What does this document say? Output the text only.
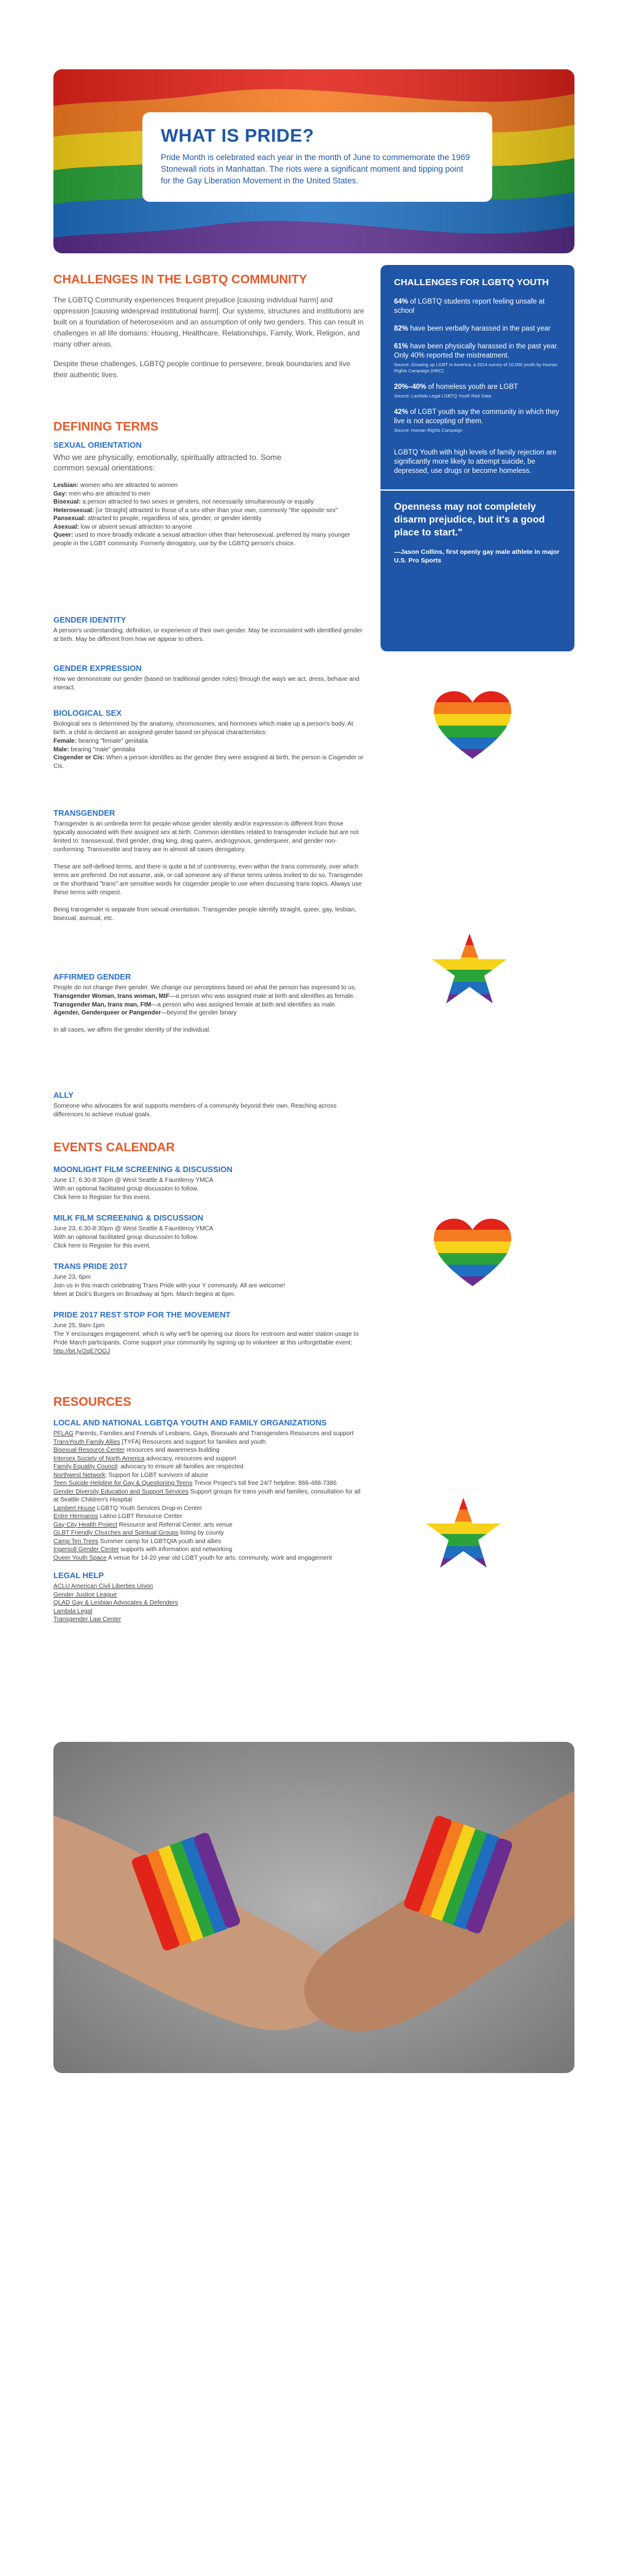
WHAT IS PRIDE?

Pride Month is celebrated each year in the month of June to commemorate the 1969 Stonewall riots in Manhattan. The riots were a significant moment and tipping point for the Gay Liberation Movement in the United States.

CHALLENGES IN THE LGBTQ COMMUNITY

The LGBTQ Community experiences frequent prejudice [causing individual harm] and oppression [causing widespread institutional harm]. Our systems, structures and institutions are built on a foundation of heterosexism and an assumption of only two genders. This can result in challenges in all life domains: Housing, Healthcare, Relationships, Family, Work, Religion, and many other areas.

Despite these challenges, LGBTQ people continue to persevere, break boundaries and live their authentic lives.

DEFINING TERMS
SEXUAL ORIENTATION
Who we are physically, emotionally, spiritually attracted to. Some common sexual orientations:
Lesbian: women who are attracted to women
Gay: men who are attracted to men
Bisexual: a person attracted to two sexes or genders, not necessarily simultaneously or equally
Heterosexual: [or Straight] attracted to those of a sex other than your own, commonly "the opposite sex"
Pansexual: attracted to people, regardless of sex, gender, or gender identity
Asexual: low or absent sexual attraction to anyone
Queer: used to more broadly indicate a sexual attraction other than heterosexual, preferred by many younger people in the LGBT community. Formerly derogatory, use by the LGBTQ person's choice.
GENDER IDENTITY

A person's understanding, definition, or experience of their own gender. May be inconsistent with identified gender at birth. May be different from how we appear to others.

GENDER EXPRESSION

How we demonstrate our gender (based on traditional gender roles) through the ways we act, dress, behave and interact.

BIOLOGICAL SEX

Biological sex is determined by the anatomy, chromosomes, and hormones which make up a person's body. At birth, a child is declared an assigned gender based on physical characteristics:

Female: bearing "female" genitalia
Male: bearing "male" genitalia
Cisgender or Cis: When a person identifies as the gender they were assigned at birth, the person is Cisgender or Cis.
TRANSGENDER

Transgender is an umbrella term for people whose gender identity and/or expression is different from those typically associated with their assigned sex at birth. Common identities related to transgender include but are not limited to: transsexual, third gender, drag king, drag queen, androgynous, genderqueer, and gender non-conforming. Transvestite and tranny are in almost all cases derogatory.

These are self-defined terms, and there is quite a bit of controversy, even within the trans community, over which terms are preferred. Do not assume, ask, or call someone any of these terms unless invited to do so. Transgender or the shorthand "trans" are sensitive words for cisgender people to use when discussing trans topics. Always use these terms with respect.

Being transgender is separate from sexual orientation. Transgender people identify straight, queer, gay, lesbian, bisexual, asexual, etc.

AFFIRMED GENDER

People do not change their gender. We change our perceptions based on what the person has expressed to us.

Transgender Woman, trans woman, MtF—a person who was assigned male at birth and identifies as female.
Transgender Man, trans man, FtM—a person who was assigned female at birth and identifies as male.
Agender, Genderqueer or Pangender—beyond the gender binary

In all cases, we affirm the gender identity of the individual.

ALLY

Someone who advocates for and supports members of a community beyond their own. Reaching across differences to achieve mutual goals.

EVENTS CALENDAR
MOONLIGHT FILM SCREENING & DISCUSSION

June 17, 6:30-8:30pm @ West Seattle & Fauntleroy YMCA

With an optional facilitated group discussion to follow.

Click here to Register for this event.

MILK FILM SCREENING & DISCUSSION

June 23, 6:30-8:30pm @ West Seattle & Fauntleroy YMCA

With an optional facilitated group discussion to follow.

Click here to Register for this event.

TRANS PRIDE 2017

June 23, 6pm

Join us in this march celebrating Trans Pride with your Y community. All are welcome!

Meet at Dick's Burgers on Broadway at 5pm. March begins at 6pm.

PRIDE 2017 REST STOP FOR THE MOVEMENT

June 25, 9am-1pm

The Y encourages engagement, which is why we'll be opening our doors for restroom and water station usage to Pride March participants. Come support your community by signing up to volunteer at this unforgettable event:

http://bit.ly/2qE7OGJ

RESOURCES
LOCAL AND NATIONAL LGBTQA YOUTH AND FAMILY ORGANIZATIONS
PFLAG Parents, Families and Friends of Lesbians, Gays, Bisexuals and Transgenders Resources and support
TransYouth Family Allies [TYFA] Resources and support for families and youth
Bisexual Resource Center resources and awareness building
Intersex Society of North America advocacy, resources and support
Family Equality Council: advocacy to ensure all families are respected
Northwest Network: Support for LGBT survivors of abuse
Teen Suicide Helpline for Gay & Questioning Teens Trevor Project's toll free 24/7 helpline: 866-488-7386
Gender Diversity Education and Support Services Support groups for trans youth and families, consultation for all at Seattle Children's Hospital
Lambert House LGBTQ Youth Services Drop-in Center
Entre Hermanos Latino LGBT Resource Center
Gay City Health Project Resource and Referral Center, arts venue
GLBT Friendly Churches and Spiritual Groups listing by county
Camp Ten Trees Summer camp for LGBTQIA youth and allies
Ingersoll Gender Center supports with information and networking
Queer Youth Space A venue for 14-20 year old LGBT youth for arts, community, work and engagement
LEGAL HELP
ACLU American Civil Liberties Union
Gender Justice League
QLAD Gay & Lesbian Advocates & Defenders
Lambda Legal
Transgender Law Center
CHALLENGES FOR LGBTQ YOUTH
64% of LGBTQ students report feeling unsafe at school
82% have been verbally harassed in the past year
61% have been physically harassed in the past year. Only 40% reported the mistreatment.
Source: Growing up LGBT in America, a 2014 survey of 10,000 youth by Human Rights Campaign (HRC)
20%–40% of homeless youth are LGBT
Source: Lambda Legal LGBTQ Youth Risk Data
42% of LGBT youth say the community in which they live is not accepting of them.
Source: Human Rights Campaign
LGBTQ Youth with high levels of family rejection are significantly more likely to attempt suicide, be depressed, use drugs or become homeless.
Openness may not completely disarm prejudice, but it's a good place to start."
—Jason Collins, first openly gay male athlete in major U.S. Pro Sports
